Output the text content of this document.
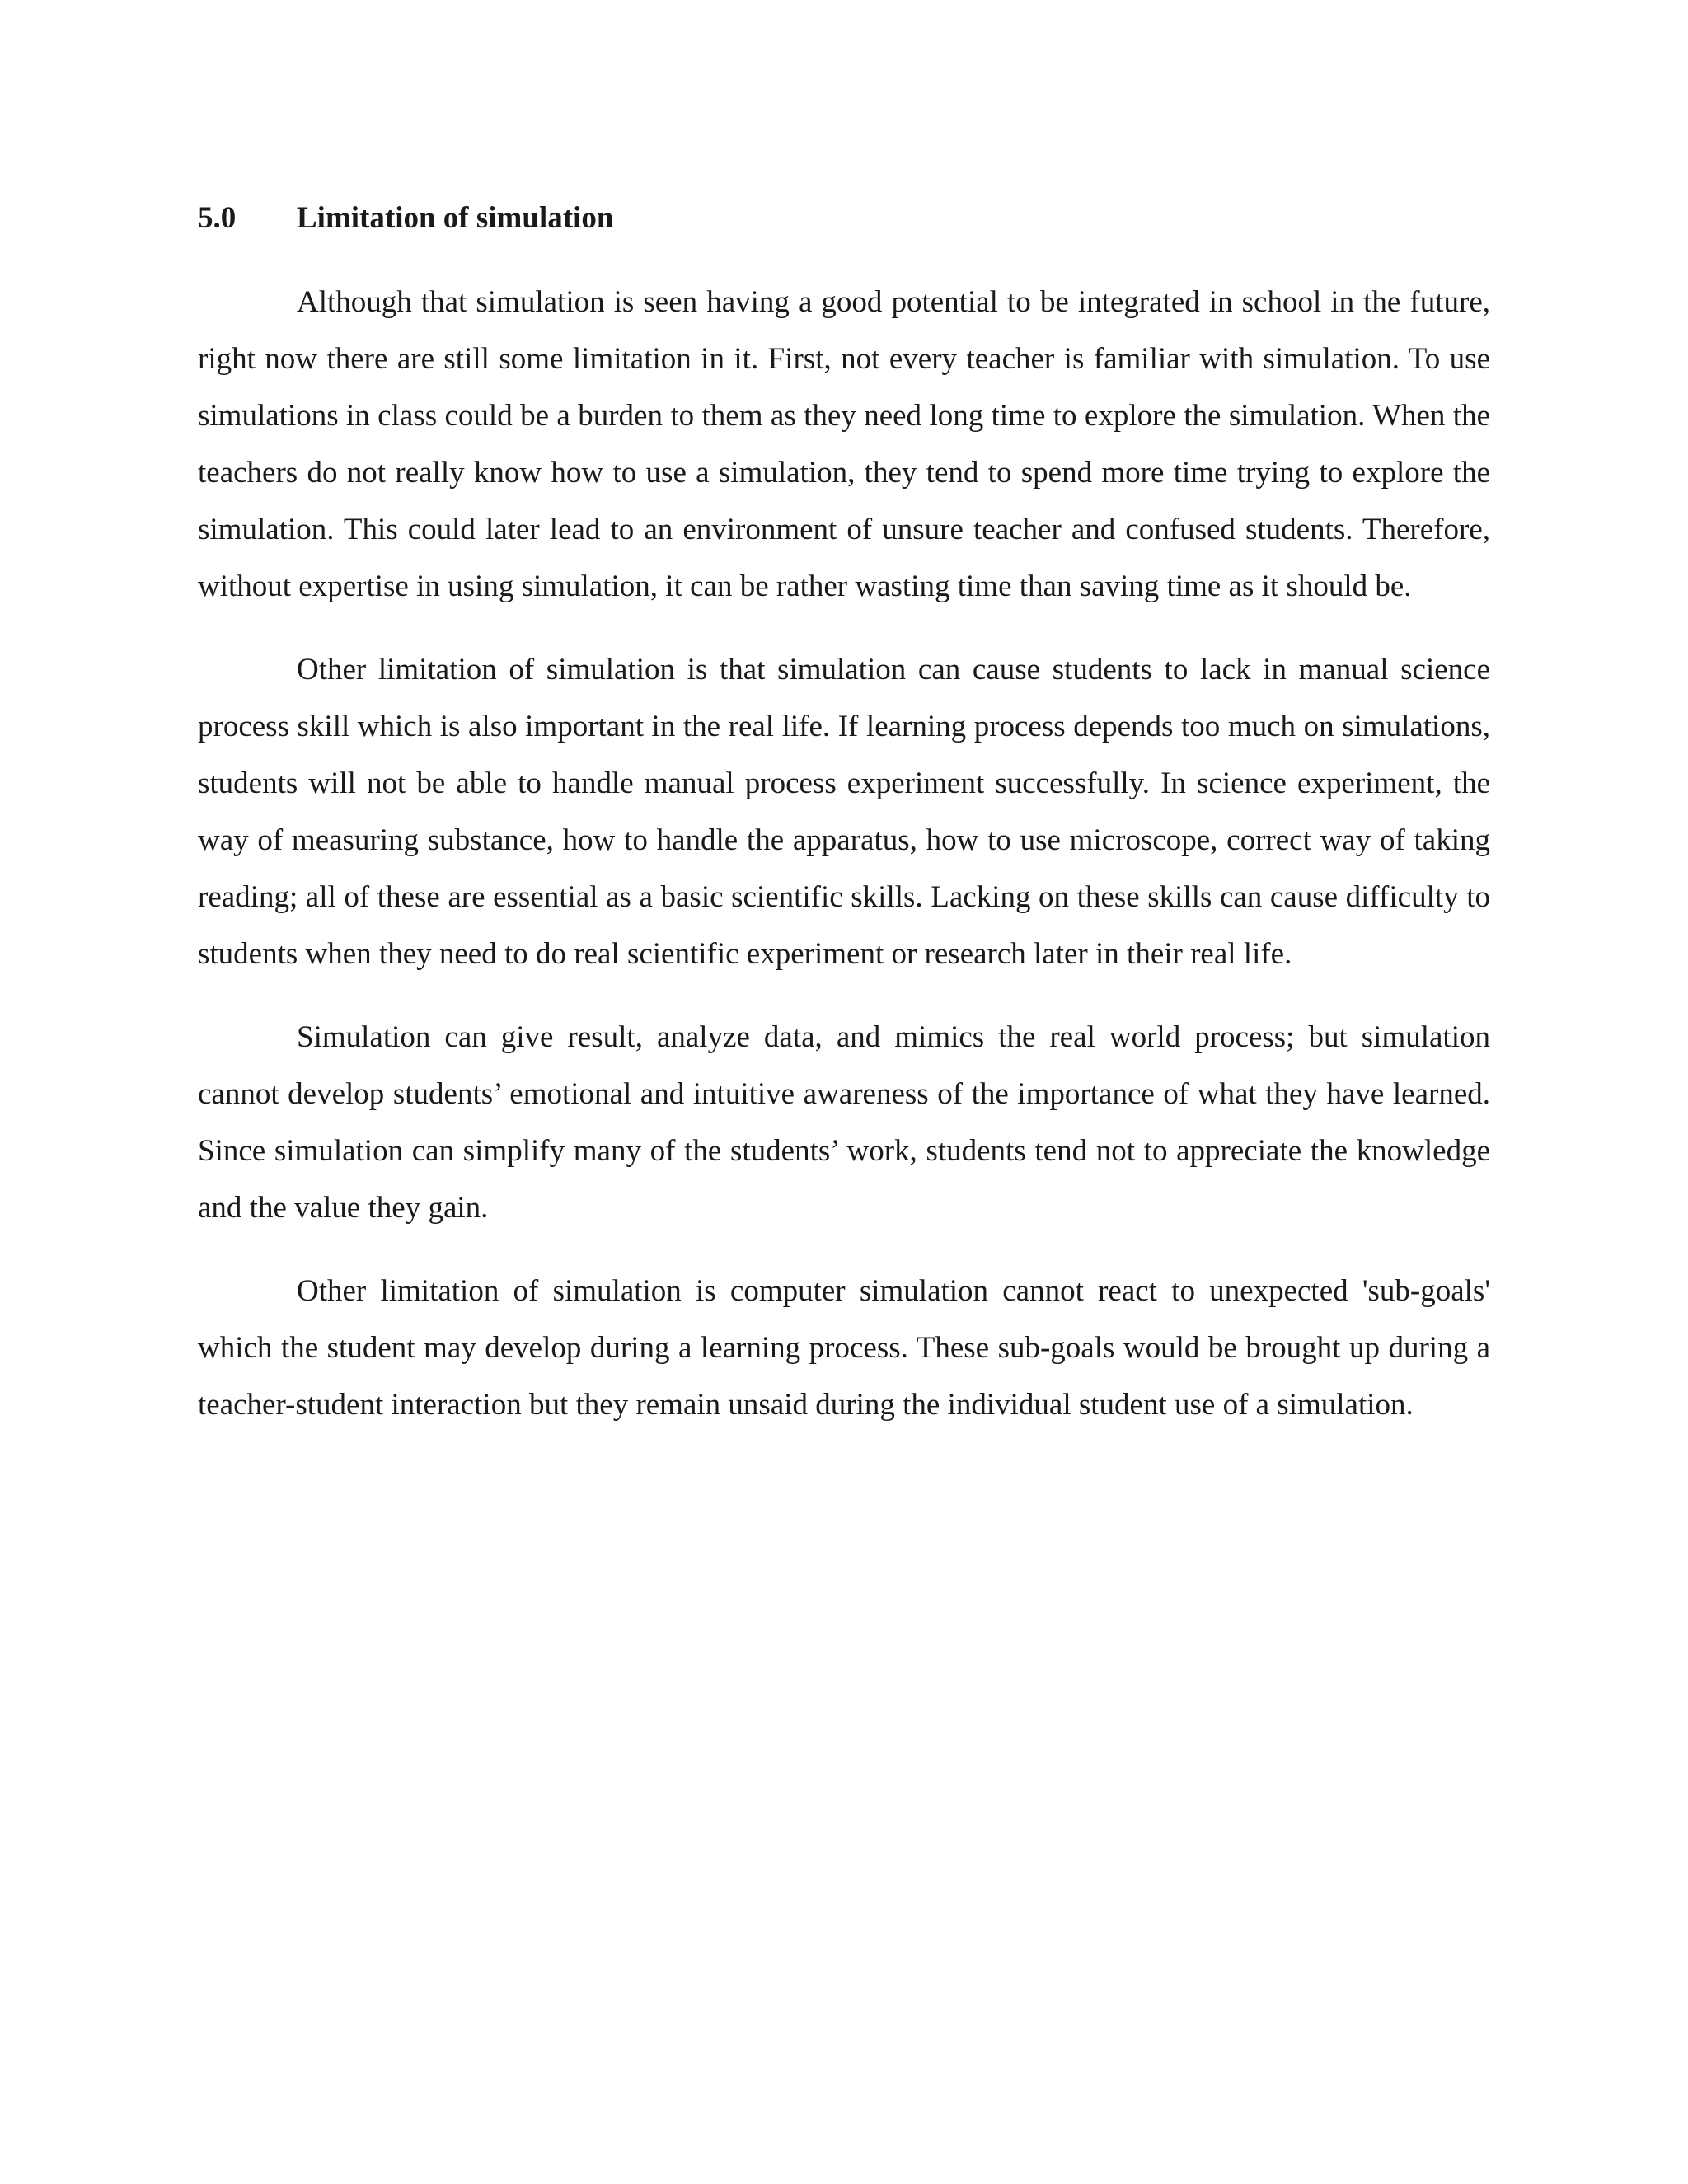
5.0	Limitation of simulation

Although that simulation is seen having a good potential to be integrated in school in the future, right now there are still some limitation in it. First, not every teacher is familiar with simulation. To use simulations in class could be a burden to them as they need long time to explore the simulation. When the teachers do not really know how to use a simulation, they tend to spend more time trying to explore the simulation. This could later lead to an environment of unsure teacher and confused students. Therefore, without expertise in using simulation, it can be rather wasting time than saving time as it should be.

Other limitation of simulation is that simulation can cause students to lack in manual science process skill which is also important in the real life. If learning process depends too much on simulations, students will not be able to handle manual process experiment successfully. In science experiment, the way of measuring substance, how to handle the apparatus, how to use microscope, correct way of taking reading; all of these are essential as a basic scientific skills. Lacking on these skills can cause difficulty to students when they need to do real scientific experiment or research later in their real life.

Simulation can give result, analyze data, and mimics the real world process; but simulation cannot develop students’ emotional and intuitive awareness of the importance of what they have learned. Since simulation can simplify many of the students’ work, students tend not to appreciate the knowledge and the value they gain.

Other limitation of simulation is computer simulation cannot react to unexpected 'sub-goals' which the student may develop during a learning process. These sub-goals would be brought up during a teacher-student interaction but they remain unsaid during the individual student use of a simulation.
